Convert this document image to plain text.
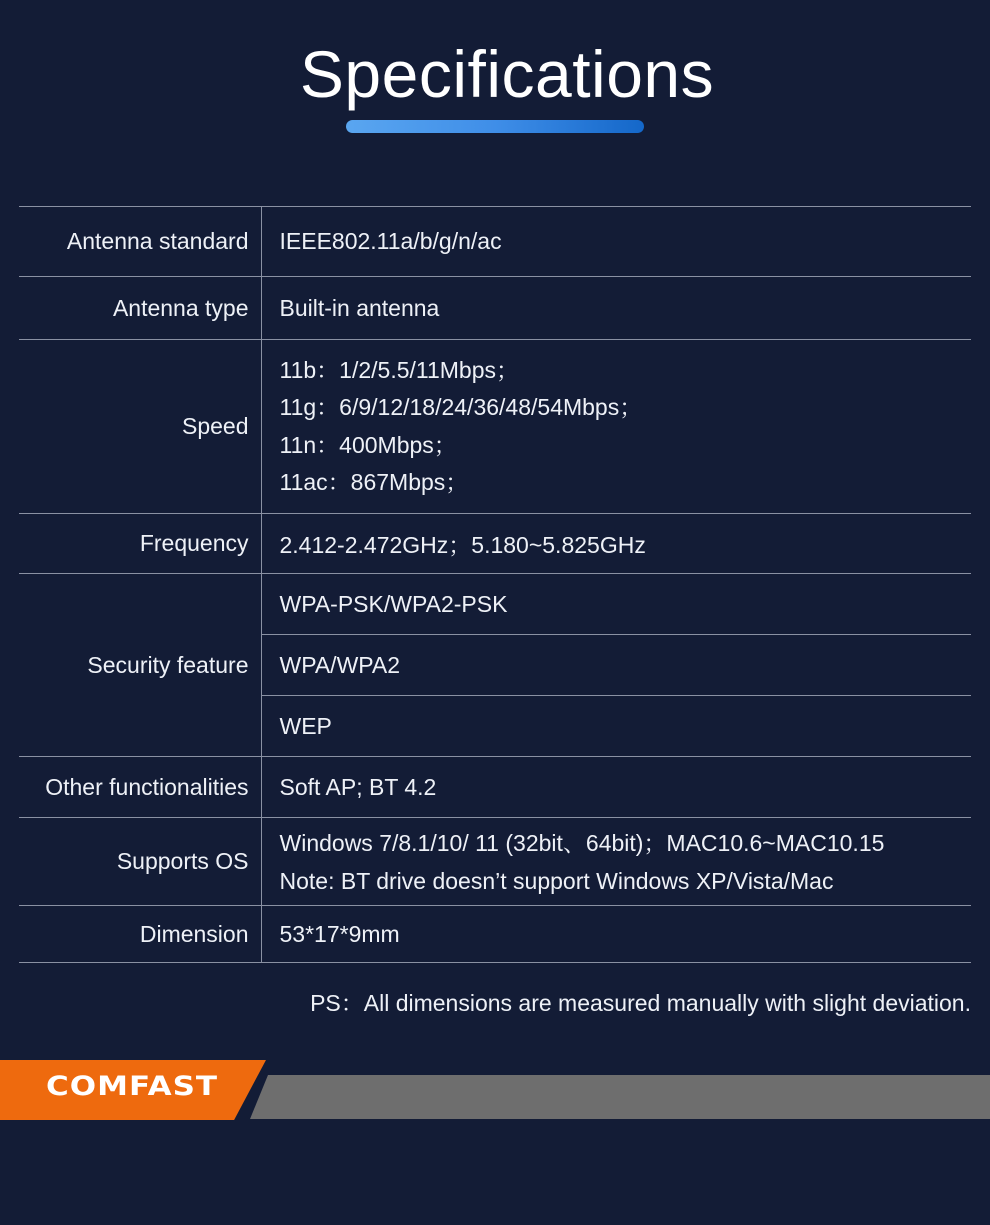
Specifications
Antenna standard	IEEE802.11a/b/g/n/ac
Antenna type	Built-in antenna
Speed	11b：1/2/5.5/11Mbps；
11g：6/9/12/18/24/36/48/54Mbps；
11n：400Mbps；
11ac：867Mbps；

Frequency	2.412-2.472GHz；5.180~5.825GHz
Security feature	WPA-PSK/WPA2-PSK
	WPA/WPA2
	WEP
Other functionalities	Soft AP; BT 4.2
Supports OS	Windows 7/8.1/10/ 11 (32bit、64bit)；MAC10.6~MAC10.15
Note: BT drive doesn’t support Windows XP/Vista/Mac

Dimension	53*17*9mm
PS：All dimensions are measured manually with slight deviation.
COMFAST
